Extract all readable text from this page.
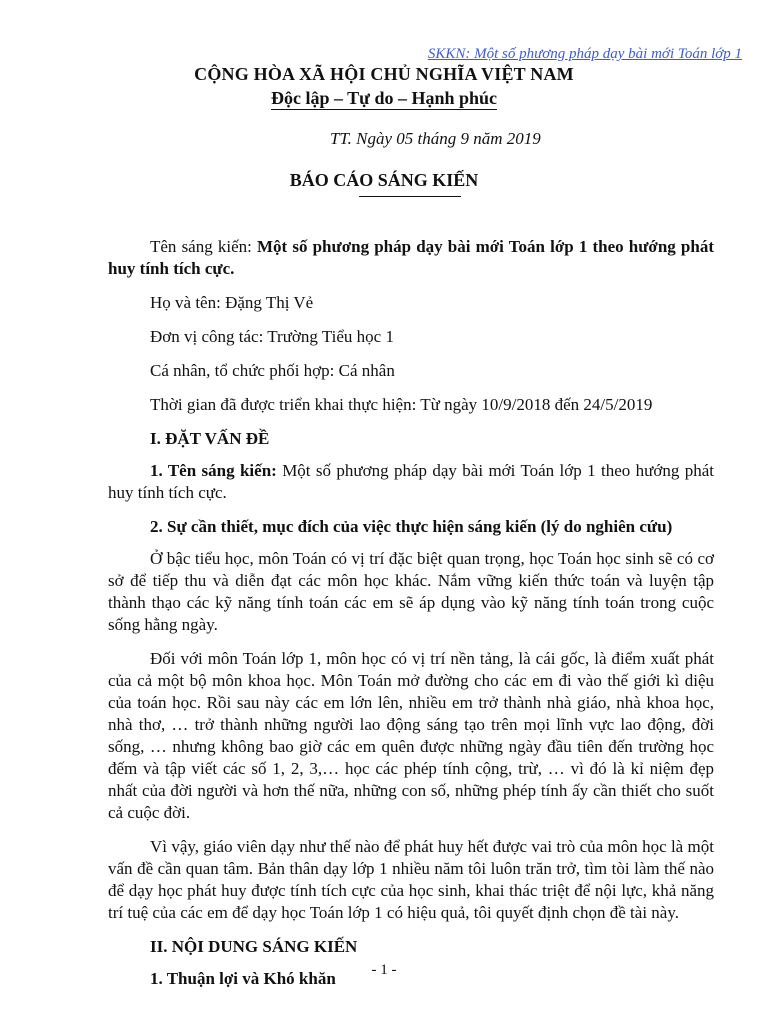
SKKN: Một số phương pháp dạy bài mới Toán lớp 1
CỘNG HÒA XÃ HỘI CHỦ NGHĨA VIỆT NAM
Độc lập – Tự do – Hạnh phúc
TT. Ngày 05 tháng 9 năm 2019
BÁO CÁO SÁNG KIẾN

Tên sáng kiến: Một số phương pháp dạy bài mới Toán lớp 1 theo hướng phát huy tính tích cực.

Họ và tên: Đặng Thị Vẻ

Đơn vị công tác: Trường Tiểu học 1

Cá nhân, tổ chức phối hợp: Cá nhân

Thời gian đã được triển khai thực hiện: Từ ngày 10/9/2018 đến 24/5/2019

I. ĐẶT VẤN ĐỀ

1. Tên sáng kiến: Một số phương pháp dạy bài mới Toán lớp 1 theo hướng phát huy tính tích cực.

2. Sự cần thiết, mục đích của việc thực hiện sáng kiến (lý do nghiên cứu)

Ở bậc tiểu học, môn Toán có vị trí đặc biệt quan trọng, học Toán học sinh sẽ có cơ sở để tiếp thu và diễn đạt các môn học khác. Nắm vững kiến thức toán và luyện tập thành thạo các kỹ năng tính toán các em sẽ áp dụng vào kỹ năng tính toán trong cuộc sống hằng ngày.

Đối với môn Toán lớp 1, môn học có vị trí nền tảng, là cái gốc, là điểm xuất phát của cả một bộ môn khoa học. Môn Toán mở đường cho các em đi vào thế giới kì diệu của toán học. Rồi sau này các em lớn lên, nhiều em trở thành nhà giáo, nhà khoa học, nhà thơ, … trở thành những người lao động sáng tạo trên mọi lĩnh vực lao động, đời sống, … nhưng không bao giờ các em quên được những ngày đầu tiên đến trường học đếm và tập viết các số 1, 2, 3,… học các phép tính cộng, trừ, … vì đó là kỉ niệm đẹp nhất của đời người và hơn thế nữa, những con số, những phép tính ấy cần thiết cho suốt cả cuộc đời.

Vì vậy, giáo viên dạy như thế nào để phát huy hết được vai trò của môn học là một vấn đề cần quan tâm. Bản thân dạy lớp 1 nhiều năm tôi luôn trăn trở, tìm tòi làm thế nào để dạy học phát huy được tính tích cực của học sinh, khai thác triệt để nội lực, khả năng trí tuệ của các em để dạy học Toán lớp 1 có hiệu quả, tôi quyết định chọn đề tài này.

II. NỘI DUNG SÁNG KIẾN

1. Thuận lợi và Khó khăn	- 1 -
